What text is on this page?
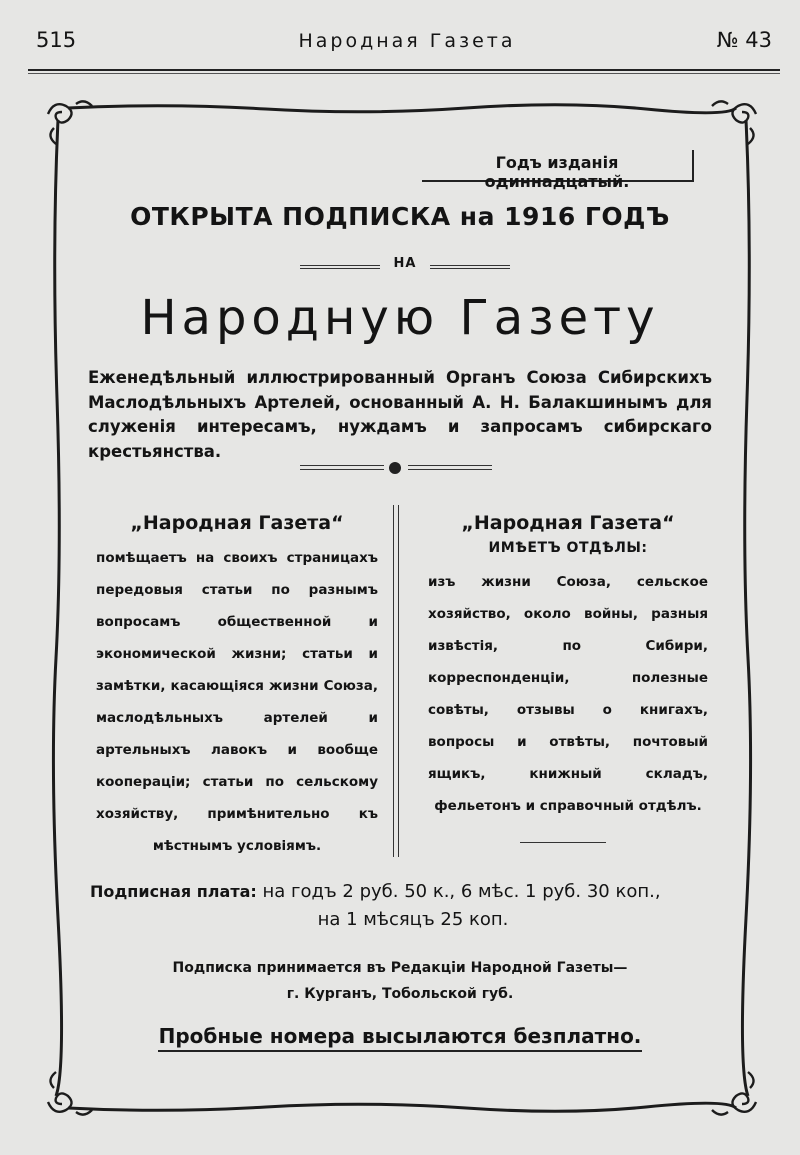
515	Народная Газета	№ 43
Годъ изданія одиннадцатый.
ОТКРЫТА ПОДПИСКА на 1916 ГОДЪ
НА
Народную Газету
Еженедѣльный иллюстрированный Органъ Союза Сибирскихъ Маслодѣльныхъ Артелей, основанный А. Н. Балакшинымъ для служенія интересамъ, нуждамъ и запросамъ сибирскаго крестьянства.
„Народная Газета“
помѣщаетъ на своихъ страницахъ передовыя статьи по разнымъ вопросамъ общественной и экономической жизни; статьи и замѣтки, касающіяся жизни Союза, маслодѣльныхъ артелей и артельныхъ лавокъ и вообще коопераціи; статьи по сельскому хозяйству, примѣнительно къ мѣстнымъ условіямъ.
„Народная Газета“
ИМѢЕТЪ ОТДѢЛЫ:
изъ жизни Союза, сельское хозяйство, около войны, разныя извѣстія, по Сибири, корреспонденціи, полезные совѣты, отзывы о книгахъ, вопросы и отвѣты, почтовый ящикъ, книжный складъ, фельетонъ и справочный отдѣлъ.
Подписная плата: на годъ 2 руб. 50 к., 6 мѣс. 1 руб. 30 коп.,
на 1 мѣсяцъ 25 коп.
Подписка принимается въ Редакціи Народной Газеты—
г. Курганъ, Тобольской губ.
Пробные номера высылаются безплатно.
